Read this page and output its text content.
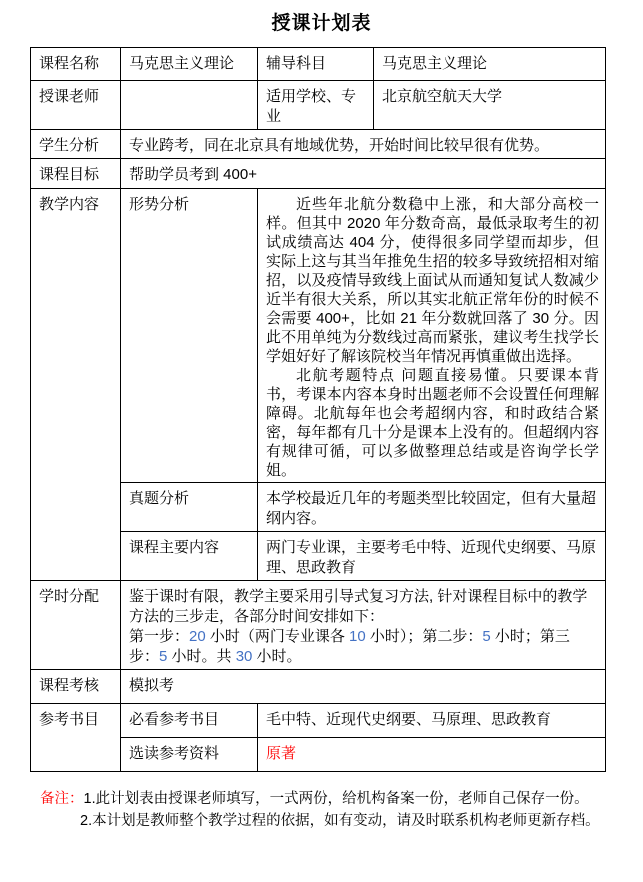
授课计划表
课程名称	马克思主义理论	辅导科目	马克思主义理论
授课老师		适用学校、专业	北京航空航天大学
学生分析	专业跨考，同在北京具有地域优势，开始时间比较早很有优势。		
课程目标	帮助学员考到 400+		
教学内容	形势分析	近些年北航分数稳中上涨，和大部分高校一样。但其中 2020 年分数奇高，最低录取考生的初试成绩高达 404 分，使得很多同学望而却步，但实际上这与其当年推免生招的较多导致统招相对缩招，以及疫情导致线上面试从而通知复试人数减少近半有很大关系，所以其实北航正常年份的时候不会需要 400+，比如 21 年分数就回落了 30 分。因此不用单纯为分数线过高而紧张，建议考生找学长学姐好好了解该院校当年情况再慎重做出选择。

北航考题特点 问题直接易懂。只要课本背书，考课本内容本身时出题老师不会设置任何理解障碍。北航每年也会考超纲内容，和时政结合紧密，每年都有几十分是课本上没有的。但超纲内容有规律可循，可以多做整理总结或是咨询学长学姐。	

	真题分析	本学校最近几年的考题类型比较固定，但有大量超纲内容。	
	课程主要内容	两门专业课，主要考毛中特、近现代史纲要、马原理、思政教育	
学时分配	鉴于课时有限，教学主要采用引导式复习方法, 针对课程目标中的教学方法的三步走，各部分时间安排如下：
第一步：20 小时（两门专业课各 10 小时）；第二步：5 小时；第三步：5 小时。共 30 小时。		
课程考核	模拟考		
参考书目	必看参考书目	毛中特、近现代史纲要、马原理、思政教育	
	选读参考资料	原著	

备注：1.此计划表由授课老师填写，一式两份，给机构备案一份，老师自己保存一份。

2.本计划是教师整个教学过程的依据，如有变动，请及时联系机构老师更新存档。
